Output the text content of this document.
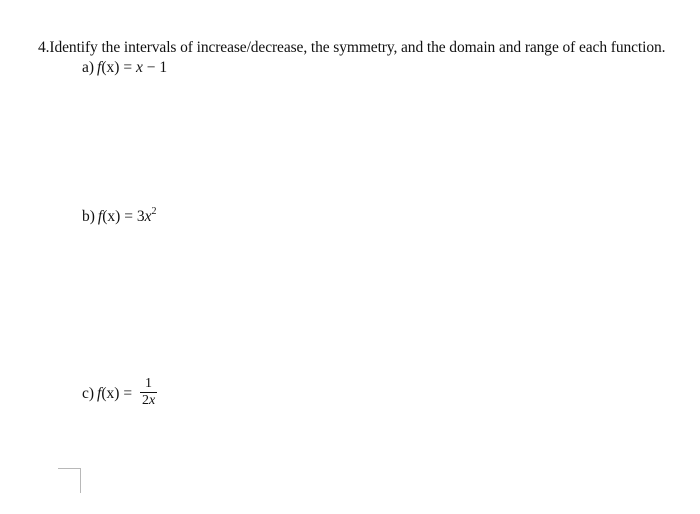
4.Identify the intervals of increase/decrease, the symmetry, and the domain and range of each function.
a) f(x) = x − 1
b) $f(x) = 3x^2$
c) $f(x) = \frac{1}{2x}$
